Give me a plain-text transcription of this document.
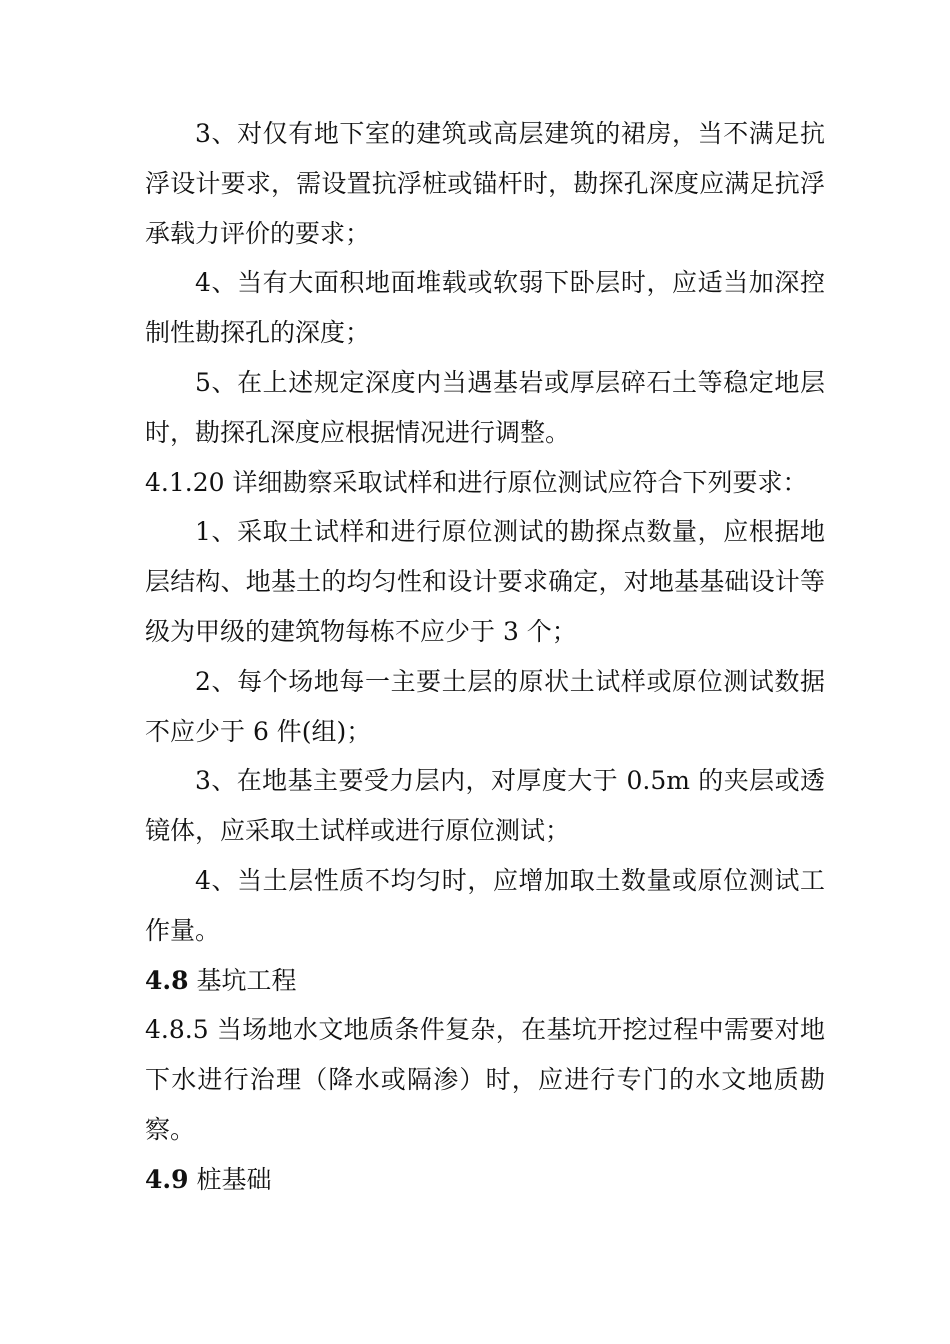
3、对仅有地下室的建筑或高层建筑的裙房，当不满足抗浮设计要求，需设置抗浮桩或锚杆时，勘探孔深度应满足抗浮承载力评价的要求；

4、当有大面积地面堆载或软弱下卧层时，应适当加深控制性勘探孔的深度；

5、在上述规定深度内当遇基岩或厚层碎石土等稳定地层时，勘探孔深度应根据情况进行调整。

4.1.20 详细勘察采取试样和进行原位测试应符合下列要求：

1、采取土试样和进行原位测试的勘探点数量，应根据地层结构、地基土的均匀性和设计要求确定，对地基基础设计等级为甲级的建筑物每栋不应少于 3 个；

2、每个场地每一主要土层的原状土试样或原位测试数据不应少于 6 件(组)；

3、在地基主要受力层内，对厚度大于 0.5m 的夹层或透镜体，应采取土试样或进行原位测试；

4、当土层性质不均匀时，应增加取土数量或原位测试工作量。

4.8 基坑工程

4.8.5 当场地水文地质条件复杂，在基坑开挖过程中需要对地下水进行治理（降水或隔渗）时，应进行专门的水文地质勘察。

4.9 桩基础
